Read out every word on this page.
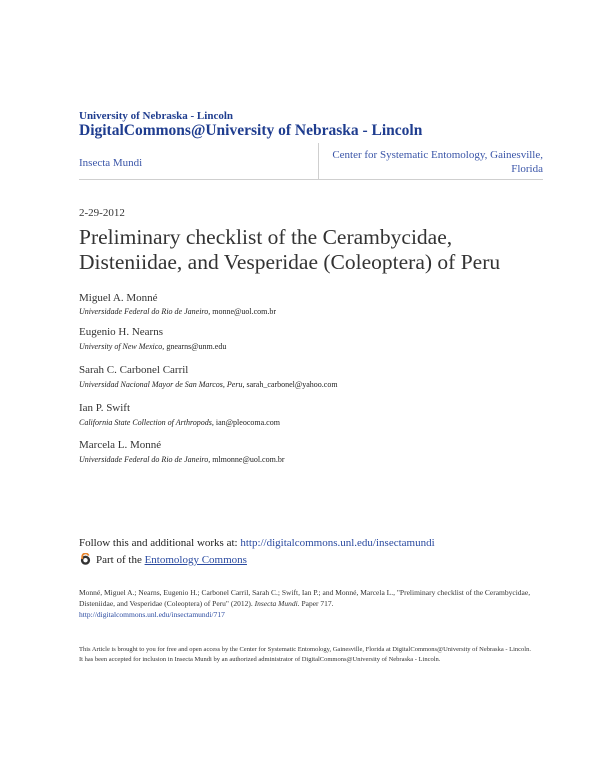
University of Nebraska - Lincoln
DigitalCommons@University of Nebraska - Lincoln
Insecta Mundi
Center for Systematic Entomology, Gainesville,
Florida
2-29-2012
Preliminary checklist of the Cerambycidae,
Disteniidae, and Vesperidae (Coleoptera) of Peru
Miguel A. Monné
Universidade Federal do Rio de Janeiro, monne@uol.com.br
Eugenio H. Nearns
University of New Mexico, gnearns@unm.edu
Sarah C. Carbonel Carril
Universidad Nacional Mayor de San Marcos, Peru, sarah_carbonel@yahoo.com
Ian P. Swift
California State Collection of Arthropods, ian@pleocoma.com
Marcela L. Monné
Universidade Federal do Rio de Janeiro, mlmonne@uol.com.br
Follow this and additional works at: http://digitalcommons.unl.edu/insectamundi
Part of the
Entomology Commons
Monné, Miguel A.; Nearns, Eugenio H.; Carbonel Carril, Sarah C.; Swift, Ian P.; and Monné, Marcela L., "Preliminary checklist of the Cerambycidae, Disteniidae, and Vesperidae (Coleoptera) of Peru" (2012). Insecta Mundi. Paper 717.
http://digitalcommons.unl.edu/insectamundi/717
This Article is brought to you for free and open access by the Center for Systematic Entomology, Gainesville, Florida at DigitalCommons@University of Nebraska - Lincoln. It has been accepted for inclusion in Insecta Mundi by an authorized administrator of DigitalCommons@University of Nebraska - Lincoln.
